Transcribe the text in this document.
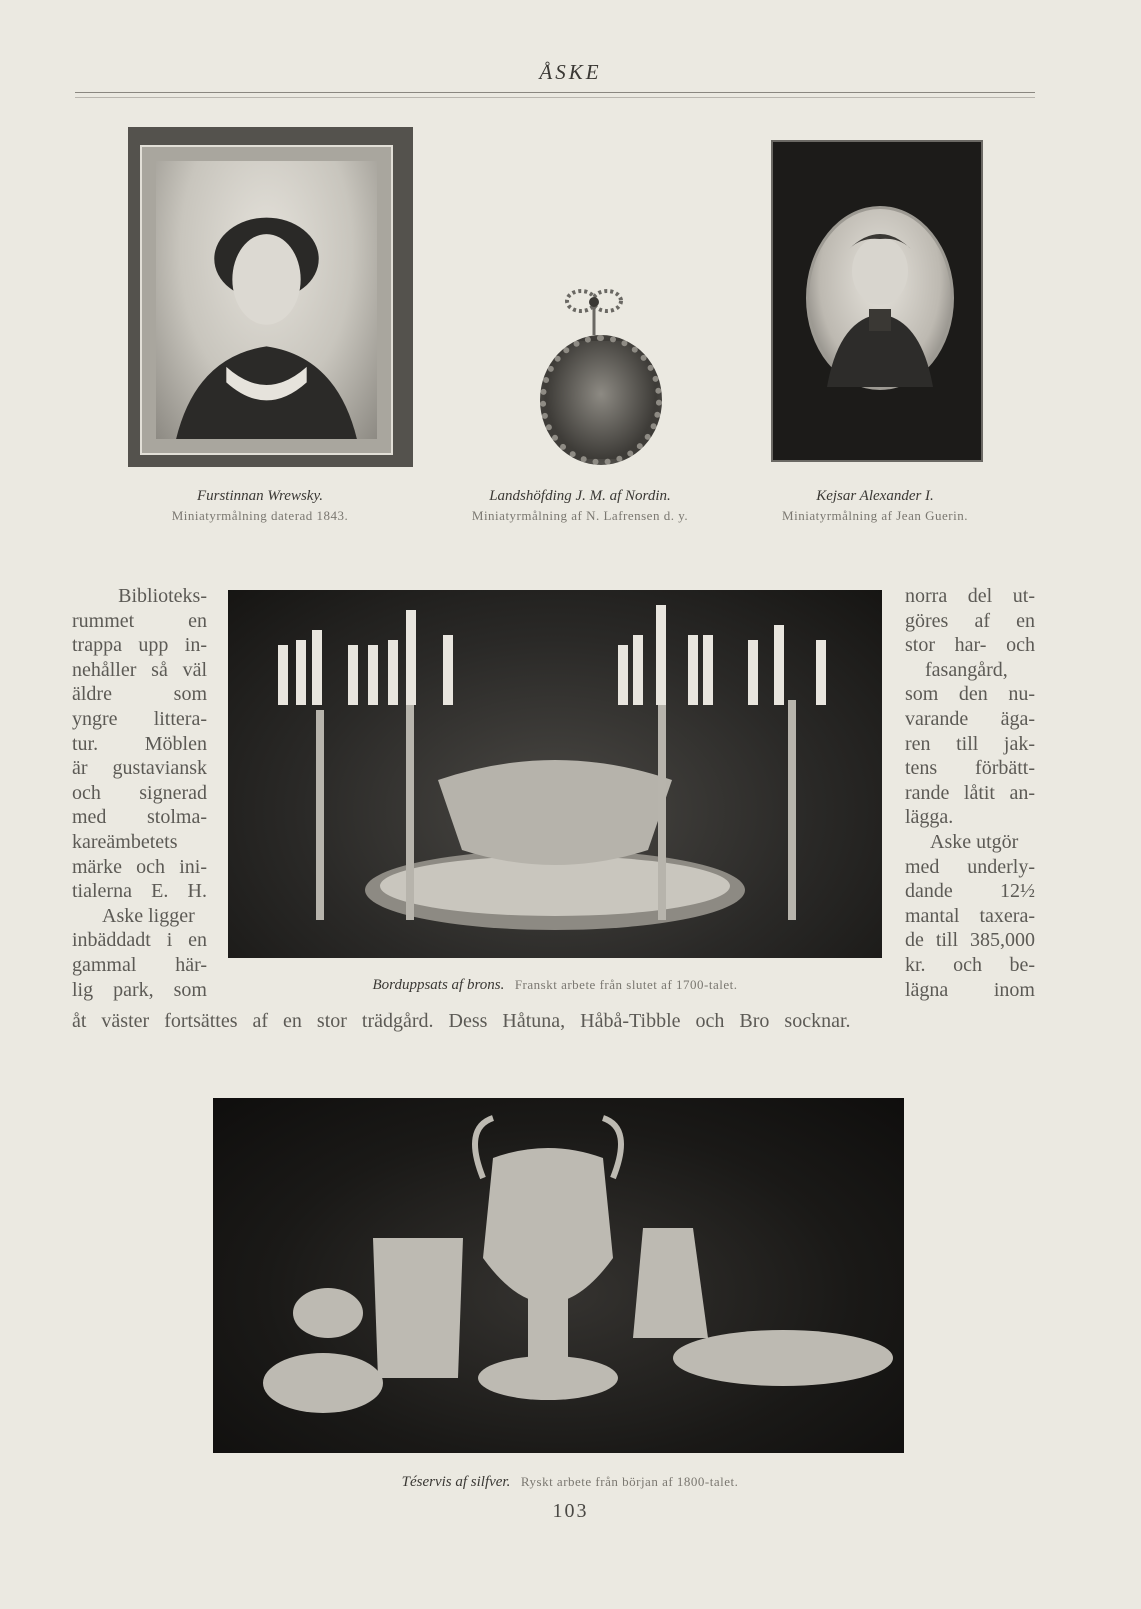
ÅSKE
Furstinnan Wrewsky.
Miniatyrmålning daterad 1843.
Landshöfding J. M. af Nordin.
Miniatyrmålning af N. Lafrensen d. y.
Kejsar Alexander I.
Miniatyrmålning af Jean Guerin.
Biblioteks-
rummet en
trappa upp in-
nehåller så väl
äldre som
yngre littera-
tur. Möblen
är gustaviansk
och signerad
med stolma-
kareämbetets
märke och ini-
tialerna E. H.
Aske ligger
inbäddadt i en
gammal här-
lig park, som	Borduppsats af brons. Franskt arbete från slutet af 1700-talet.
norra del ut-
göres af en
stor har- och
fasangård,
som den nu-
varande äga-
ren till jak-
tens förbätt-
rande låtit an-
lägga.
Aske utgör
med underly-
dande 12½
mantal taxera-
de till 385,000
kr. och be-
lägna inom
åt väster fortsättes af en stor trädgård. Dess Håtuna, Håbå-Tibble och Bro socknar.
Téservis af silfver. Ryskt arbete från början af 1800-talet.
103
